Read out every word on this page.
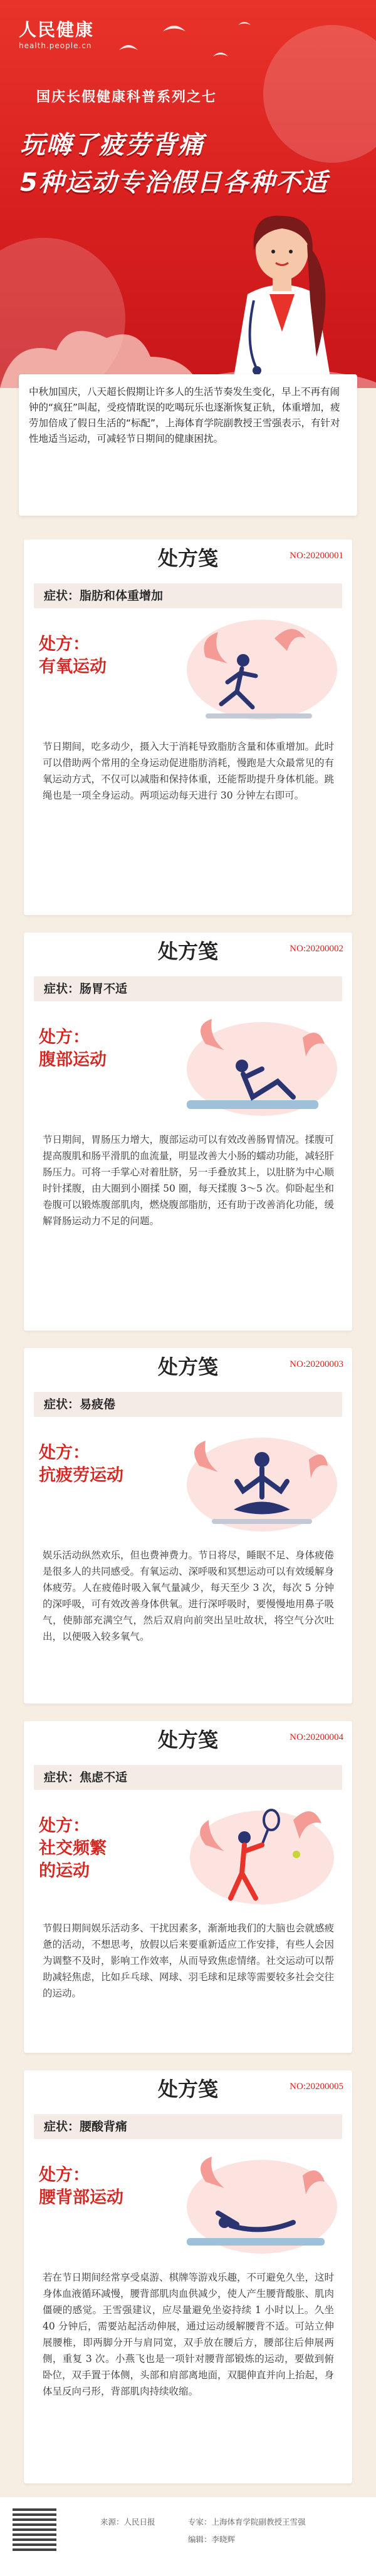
人民健康
health.people.cn
国庆长假健康科普系列之七
玩嗨了疲劳背痛
5种运动专治假日各种不适
中秋加国庆，八天超长假期让许多人的生活节奏发生变化，早上不再有闹钟的“疯狂”叫起，受疫情耽误的吃喝玩乐也逐渐恢复正轨，体重增加，疲劳加倍成了假日生活的“标配”，上海体育学院副教授王雪强表示，有针对性地适当运动，可减轻节日期间的健康困扰。
处方笺	NO:20200001
症状：脂肪和体重增加
处方：
有氧运动
节日期间，吃多动少，摄入大于消耗导致脂肪含量和体重增加。此时可以借助两个常用的全身运动促进脂肪消耗，慢跑是大众最常见的有氧运动方式，不仅可以减脂和保持体重，还能帮助提升身体机能。跳绳也是一项全身运动。两项运动每天进行 30 分钟左右即可。
处方笺	NO:20200002
症状：肠胃不适
处方：
腹部运动
节日期间，胃肠压力增大，腹部运动可以有效改善肠胃情况。揉腹可提高腹肌和肠平滑肌的血流量，明显改善大小肠的蠕动功能，减轻肝肠压力。可将一手掌心对着肚脐，另一手叠放其上，以肚脐为中心顺时针揉腹，由大圈到小圈揉 50 圈，每天揉腹 3～5 次。仰卧起坐和卷腹可以锻炼腹部肌肉，燃烧腹部脂肪，还有助于改善消化功能，缓解肾肠运动力不足的问题。
处方笺	NO:20200003
症状：易疲倦
处方：
抗疲劳运动
娱乐活动纵然欢乐，但也费神费力。节日将尽，睡眠不足、身体疲倦是很多人的共同感受。有氧运动、深呼吸和冥想运动可以有效缓解身体疲劳。人在疲倦时吸入氧气量减少，每天至少 3 次，每次 5 分钟的深呼吸，可有效改善身体供氧。进行深呼吸时，要慢慢地用鼻子吸气，使肺部充满空气，然后双肩向前突出呈吐故状，将空气分次吐出，以便吸入较多氧气。
处方笺	NO:20200004
症状：焦虑不适
处方：
社交频繁
的运动
节假日期间娱乐活动多、干扰因素多，渐渐地我们的大脑也会就感疲惫的活动，不想思考，放假以后来要重新适应工作安排，有些人会因为调整不及时，影响工作效率，从而导致焦虑情绪。社交运动可以帮助减轻焦虑，比如乒乓球、网球、羽毛球和足球等需要较多社会交往的运动。
处方笺	NO:20200005
症状：腰酸背痛
处方：
腰背部运动
若在节日期间经常享受桌游、棋牌等游戏乐趣，不可避免久坐，这时身体血液循环减慢，腰背部肌肉血供减少，使人产生腰背酸胀、肌肉僵硬的感觉。王雪强建议，应尽量避免坐姿持续 1 小时以上。久坐 40 分钟后，需要站起活动伸展，通过运动缓解腰背不适。可站立伸展腰椎，即两脚分开与肩同宽，双手放在腰后方，腰部往后伸展两侧，重复 3 次。小燕飞也是一项针对腰背部锻炼的运动，要做到俯卧位，双手置于体侧，头部和肩部离地面，双腿伸直并向上抬起，身体呈反向弓形，背部肌肉持续收缩。
来源：人民日报	专家：上海体育学院副教授王雪强
编辑：李晓辉
